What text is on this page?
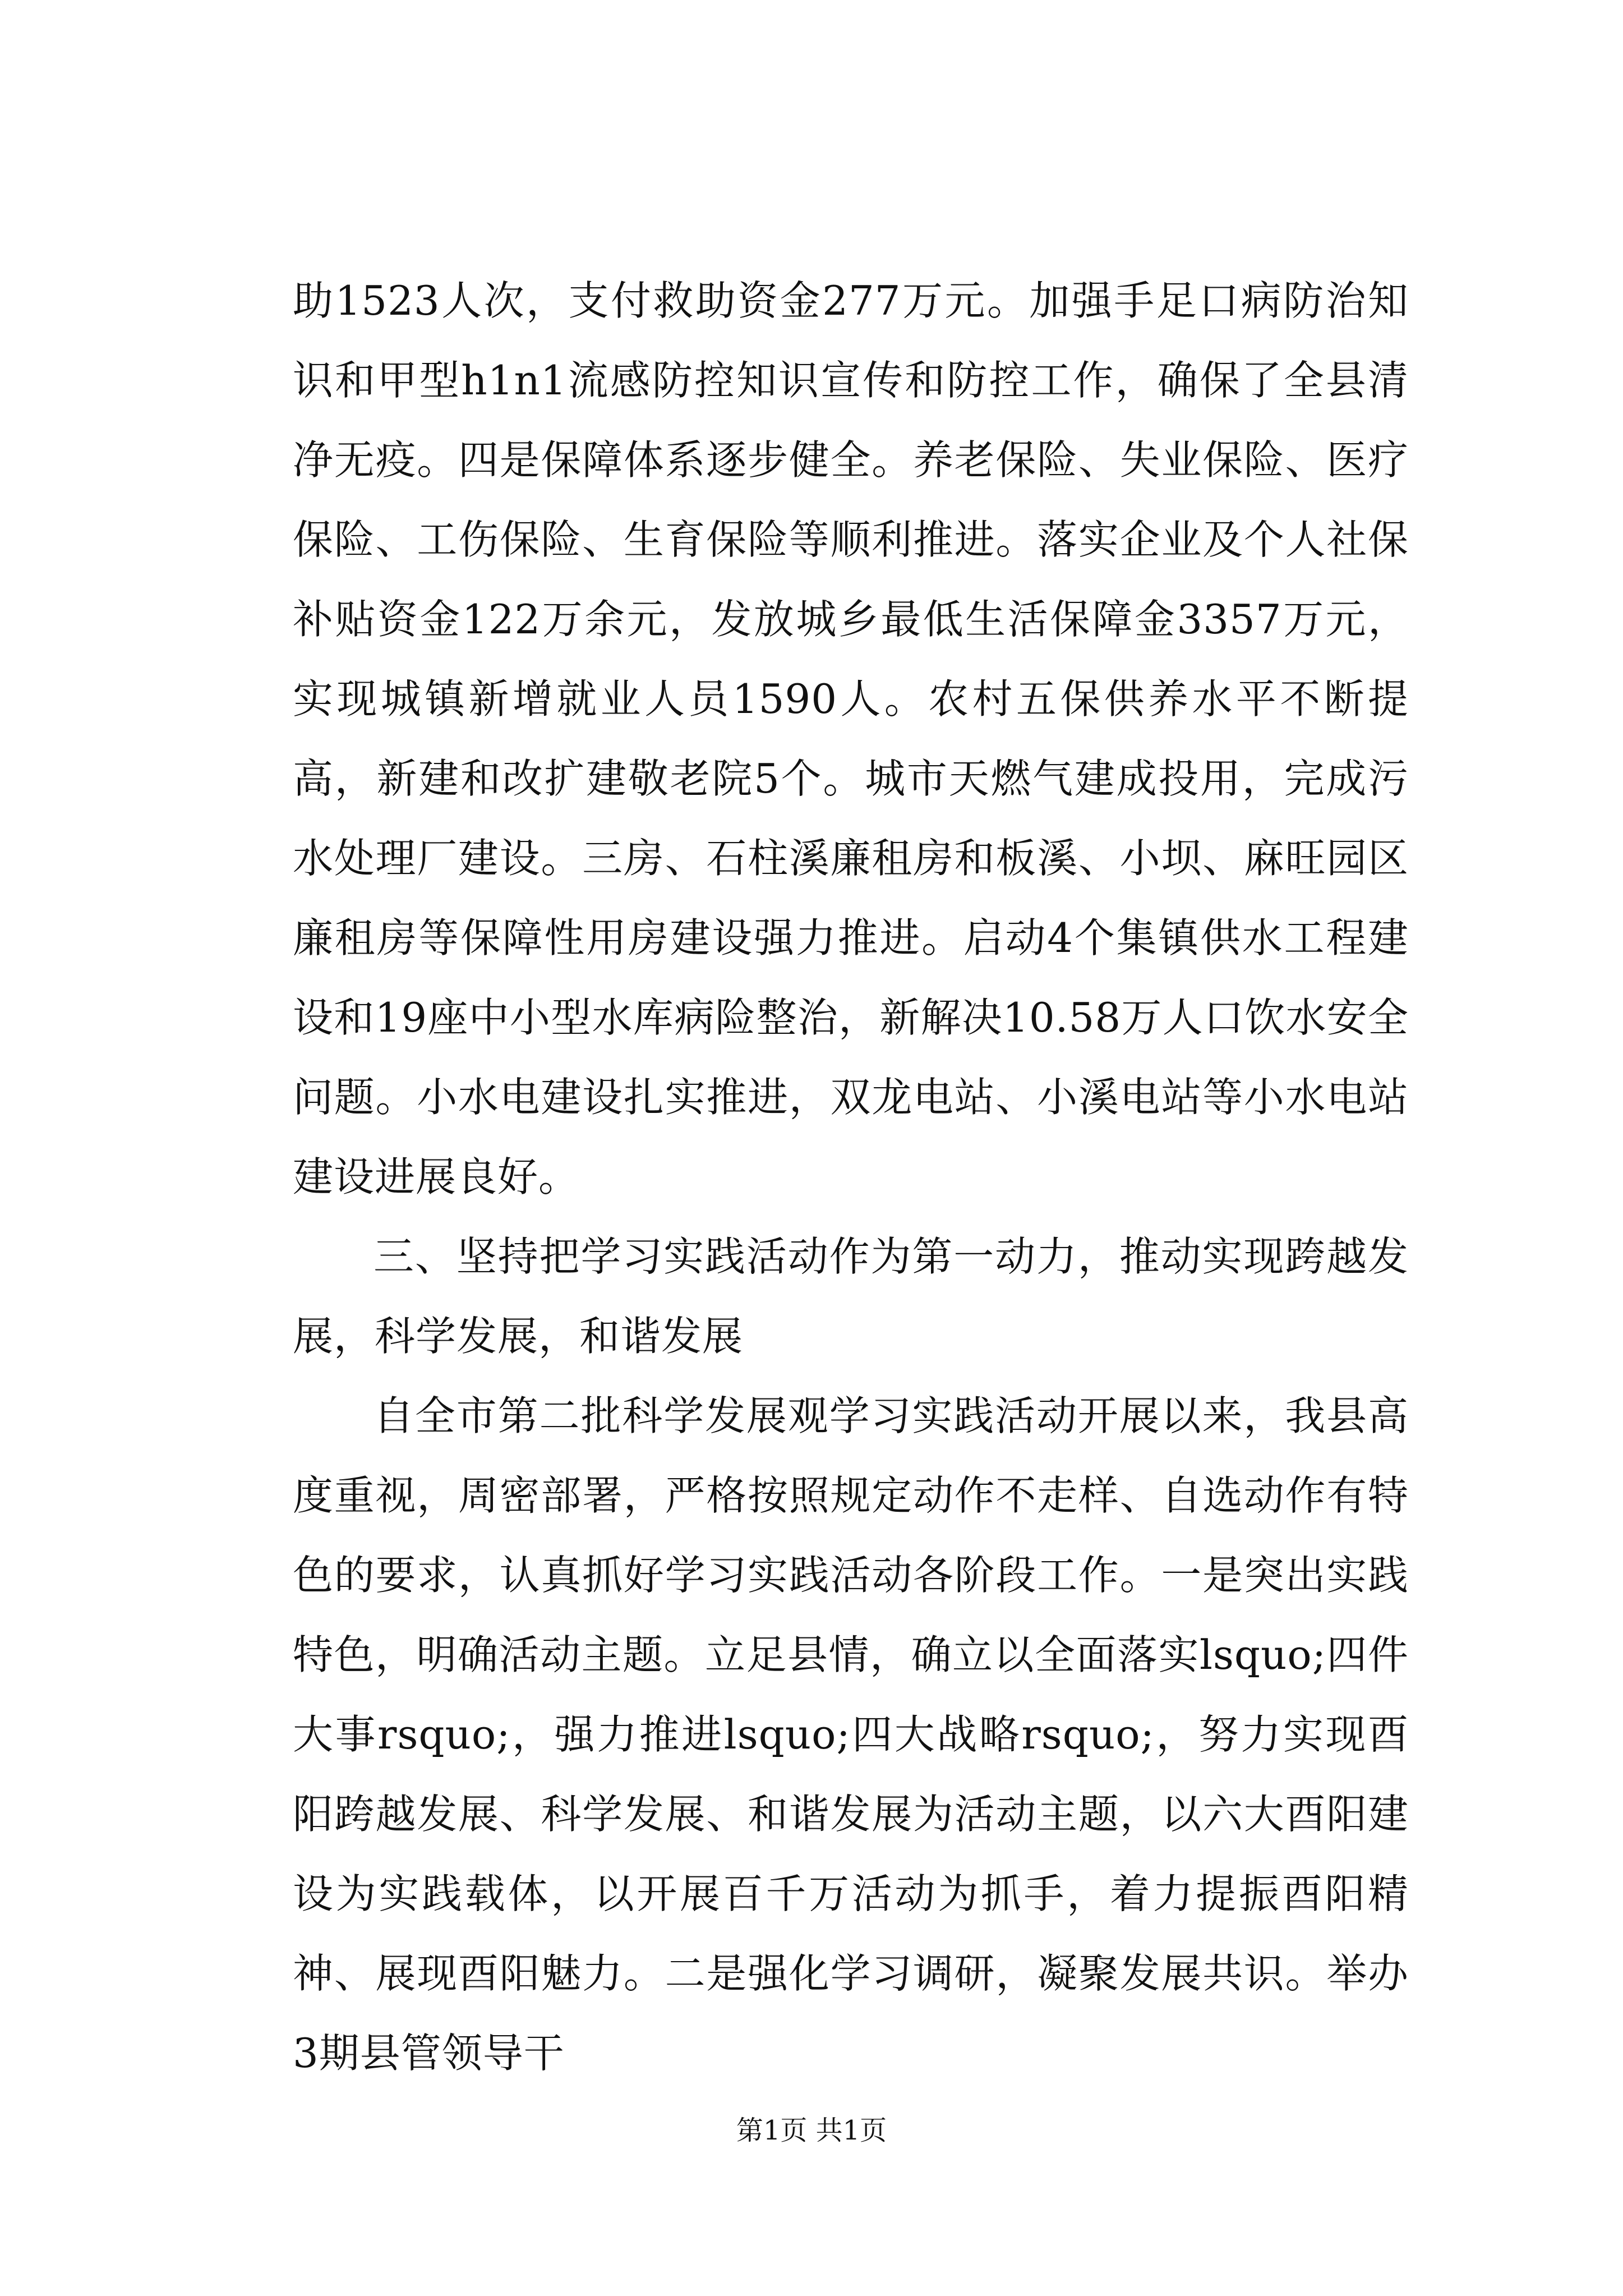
助1523人次，支付救助资金277万元。加强手足口病防治知识和甲型h1n1流感防控知识宣传和防控工作，确保了全县清净无疫。四是保障体系逐步健全。养老保险、失业保险、医疗保险、工伤保险、生育保险等顺利推进。落实企业及个人社保补贴资金122万余元，发放城乡最低生活保障金3357万元，实现城镇新增就业人员1590人。农村五保供养水平不断提高，新建和改扩建敬老院5个。城市天燃气建成投用，完成污水处理厂建设。三房、石柱溪廉租房和板溪、小坝、麻旺园区廉租房等保障性用房建设强力推进。启动4个集镇供水工程建设和19座中小型水库病险整治，新解决10.58万人口饮水安全问题。小水电建设扎实推进，双龙电站、小溪电站等小水电站建设进展良好。

三、坚持把学习实践活动作为第一动力，推动实现跨越发展，科学发展，和谐发展

自全市第二批科学发展观学习实践活动开展以来，我县高度重视，周密部署，严格按照规定动作不走样、自选动作有特色的要求，认真抓好学习实践活动各阶段工作。一是突出实践特色，明确活动主题。立足县情，确立以全面落实lsquo;四件大事rsquo;，强力推进lsquo;四大战略rsquo;，努力实现酉阳跨越发展、科学发展、和谐发展为活动主题，以六大酉阳建设为实践载体，以开展百千万活动为抓手，着力提振酉阳精神、展现酉阳魅力。二是强化学习调研，凝聚发展共识。举办3期县管领导干

第1页 共1页
